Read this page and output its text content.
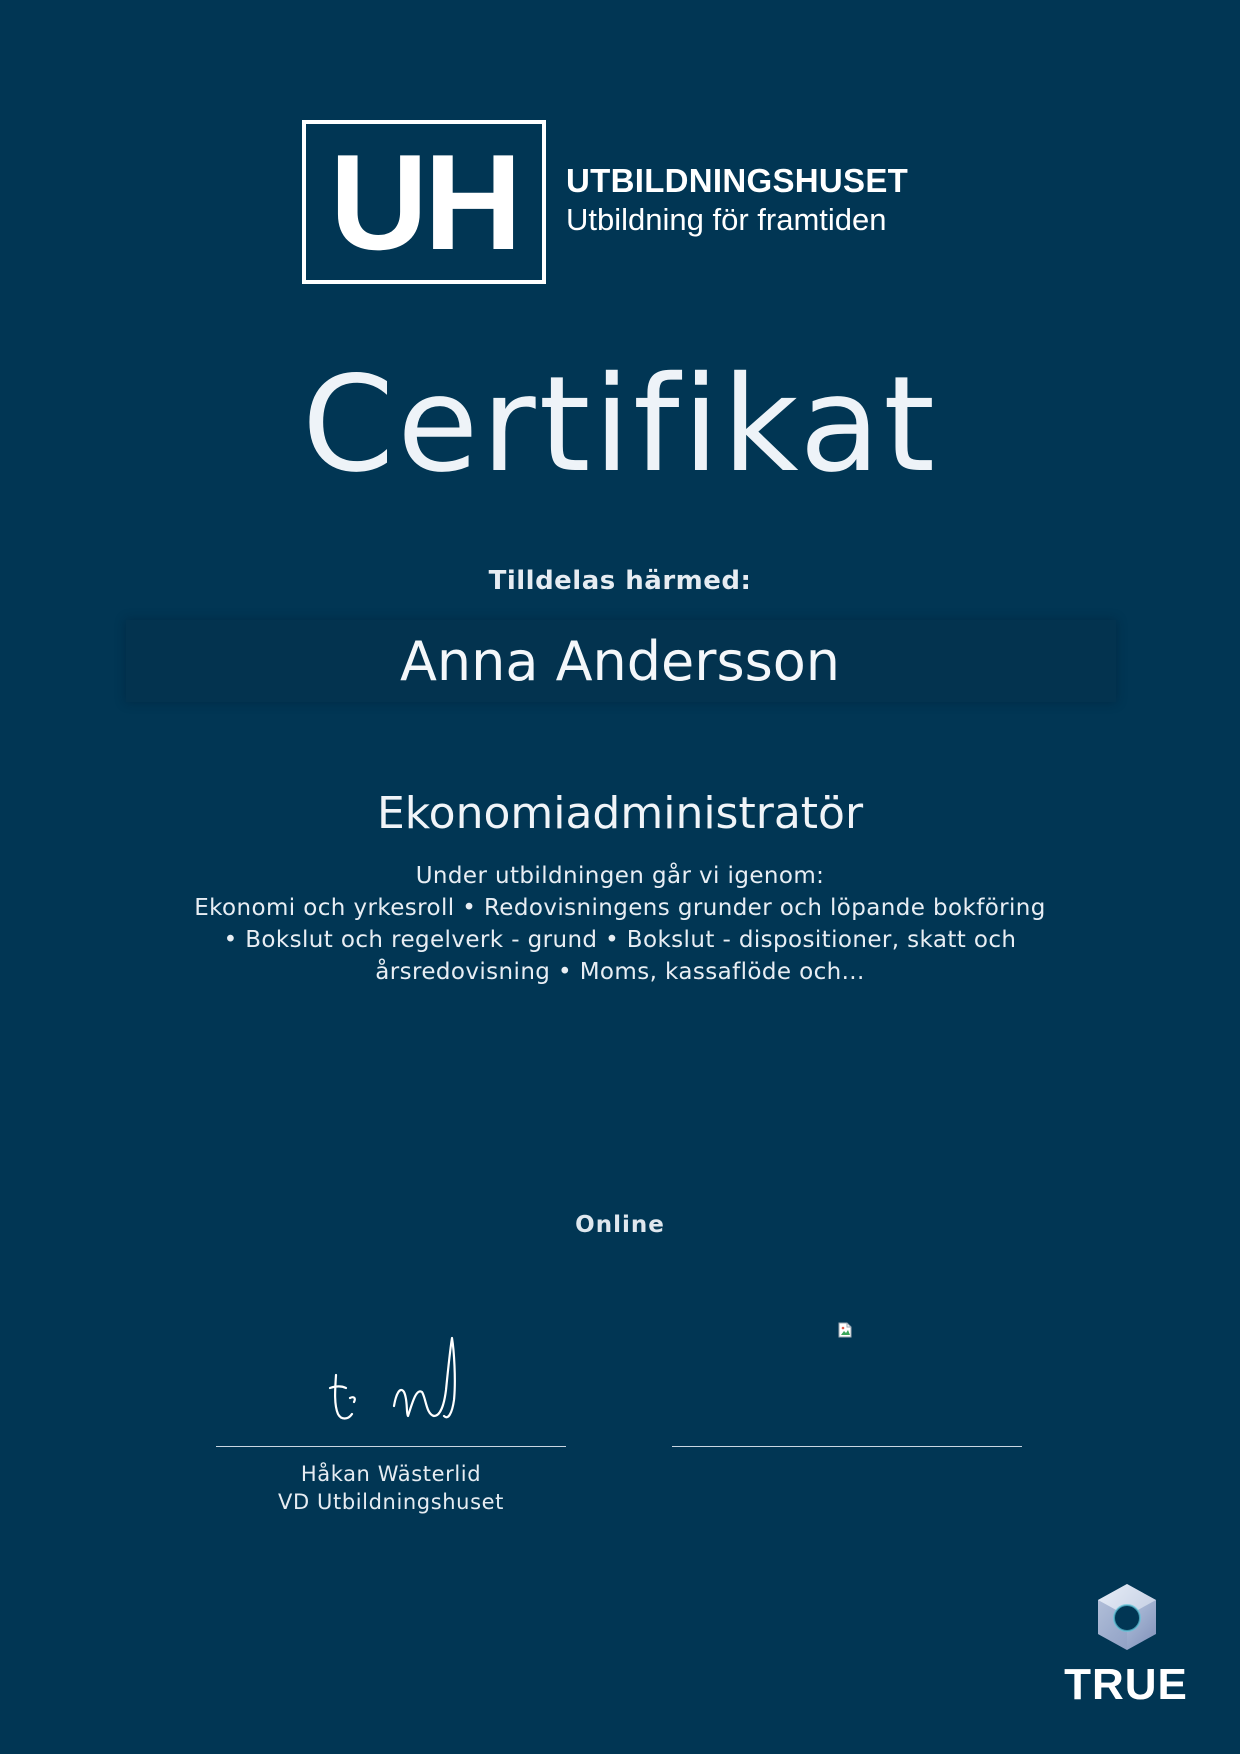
UH UTBILDNINGSHUSET
Utbildning för framtiden
Certifikat
Tilldelas härmed:
Anna Andersson
Ekonomiadministratör
Under utbildningen går vi igenom:
Ekonomi och yrkesroll • Redovisningens grunder och löpande bokföring
• Bokslut och regelverk - grund • Bokslut - dispositioner, skatt och
årsredovisning • Moms, kassaflöde och...
Online
Håkan Wästerlid
VD Utbildningshuset
TRUE
